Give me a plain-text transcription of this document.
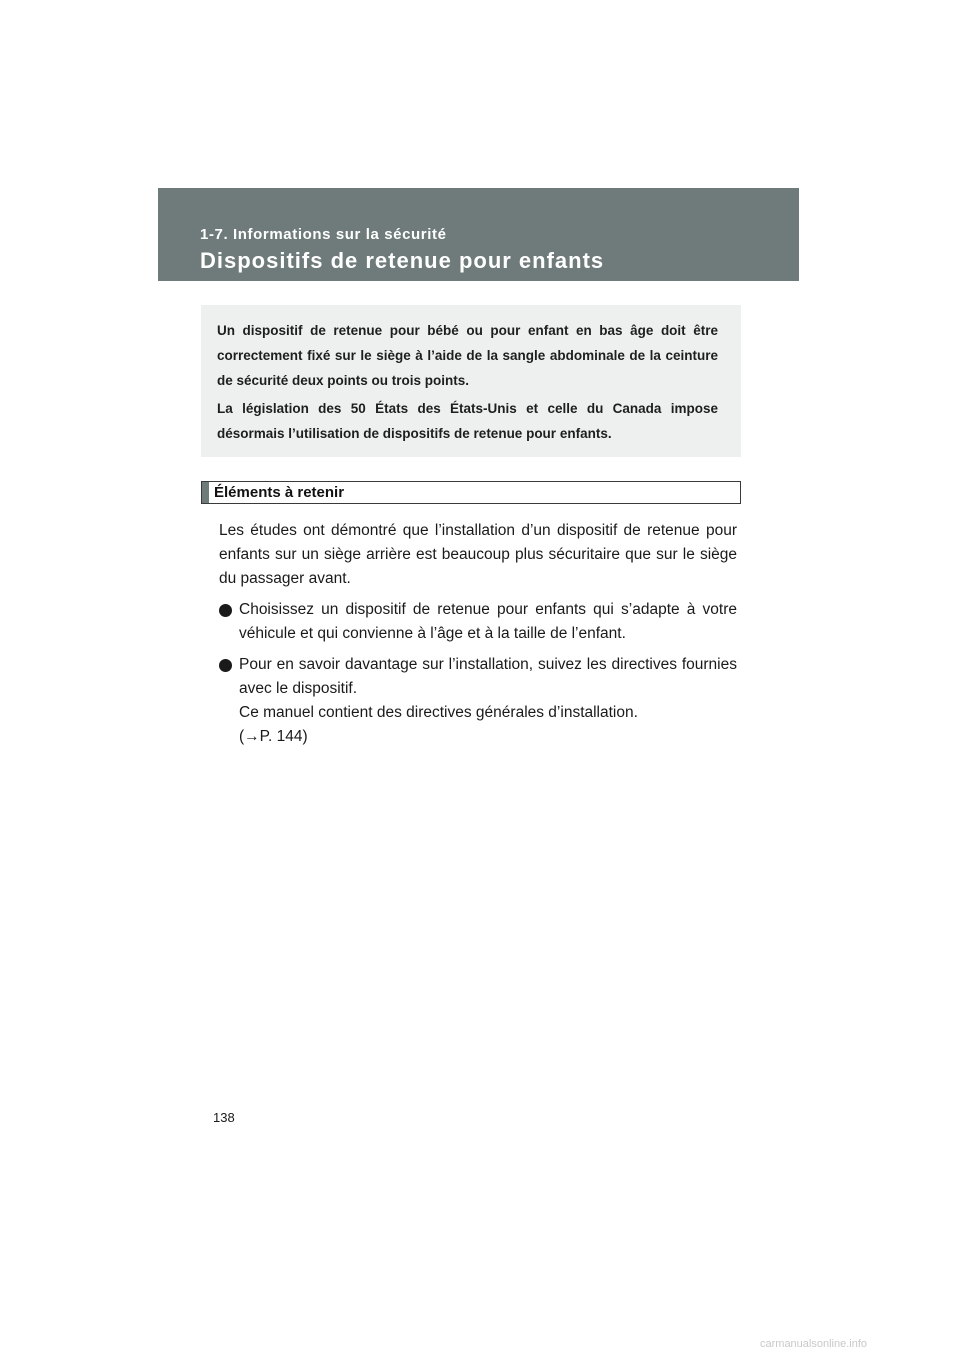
1-7. Informations sur la sécurité
Dispositifs de retenue pour enfants

Un dispositif de retenue pour bébé ou pour enfant en bas âge doit être correctement fixé sur le siège à l’aide de la sangle abdominale de la ceinture de sécurité deux points ou trois points.

La législation des 50 États des États-Unis et celle du Canada impose désormais l’utilisation de dispositifs de retenue pour enfants.

Éléments à retenir

Les études ont démontré que l’installation d’un dispositif de retenue pour enfants sur un siège arrière est beaucoup plus sécuritaire que sur le siège du passager avant.

Choisissez un dispositif de retenue pour enfants qui s’adapte à votre véhicule et qui convienne à l’âge et à la taille de l’enfant.
Pour en savoir davantage sur l’installation, suivez les directives fournies avec le dispositif.
Ce manuel contient des directives générales d’installation.
(→P. 144)
138
carmanualsonline.info
